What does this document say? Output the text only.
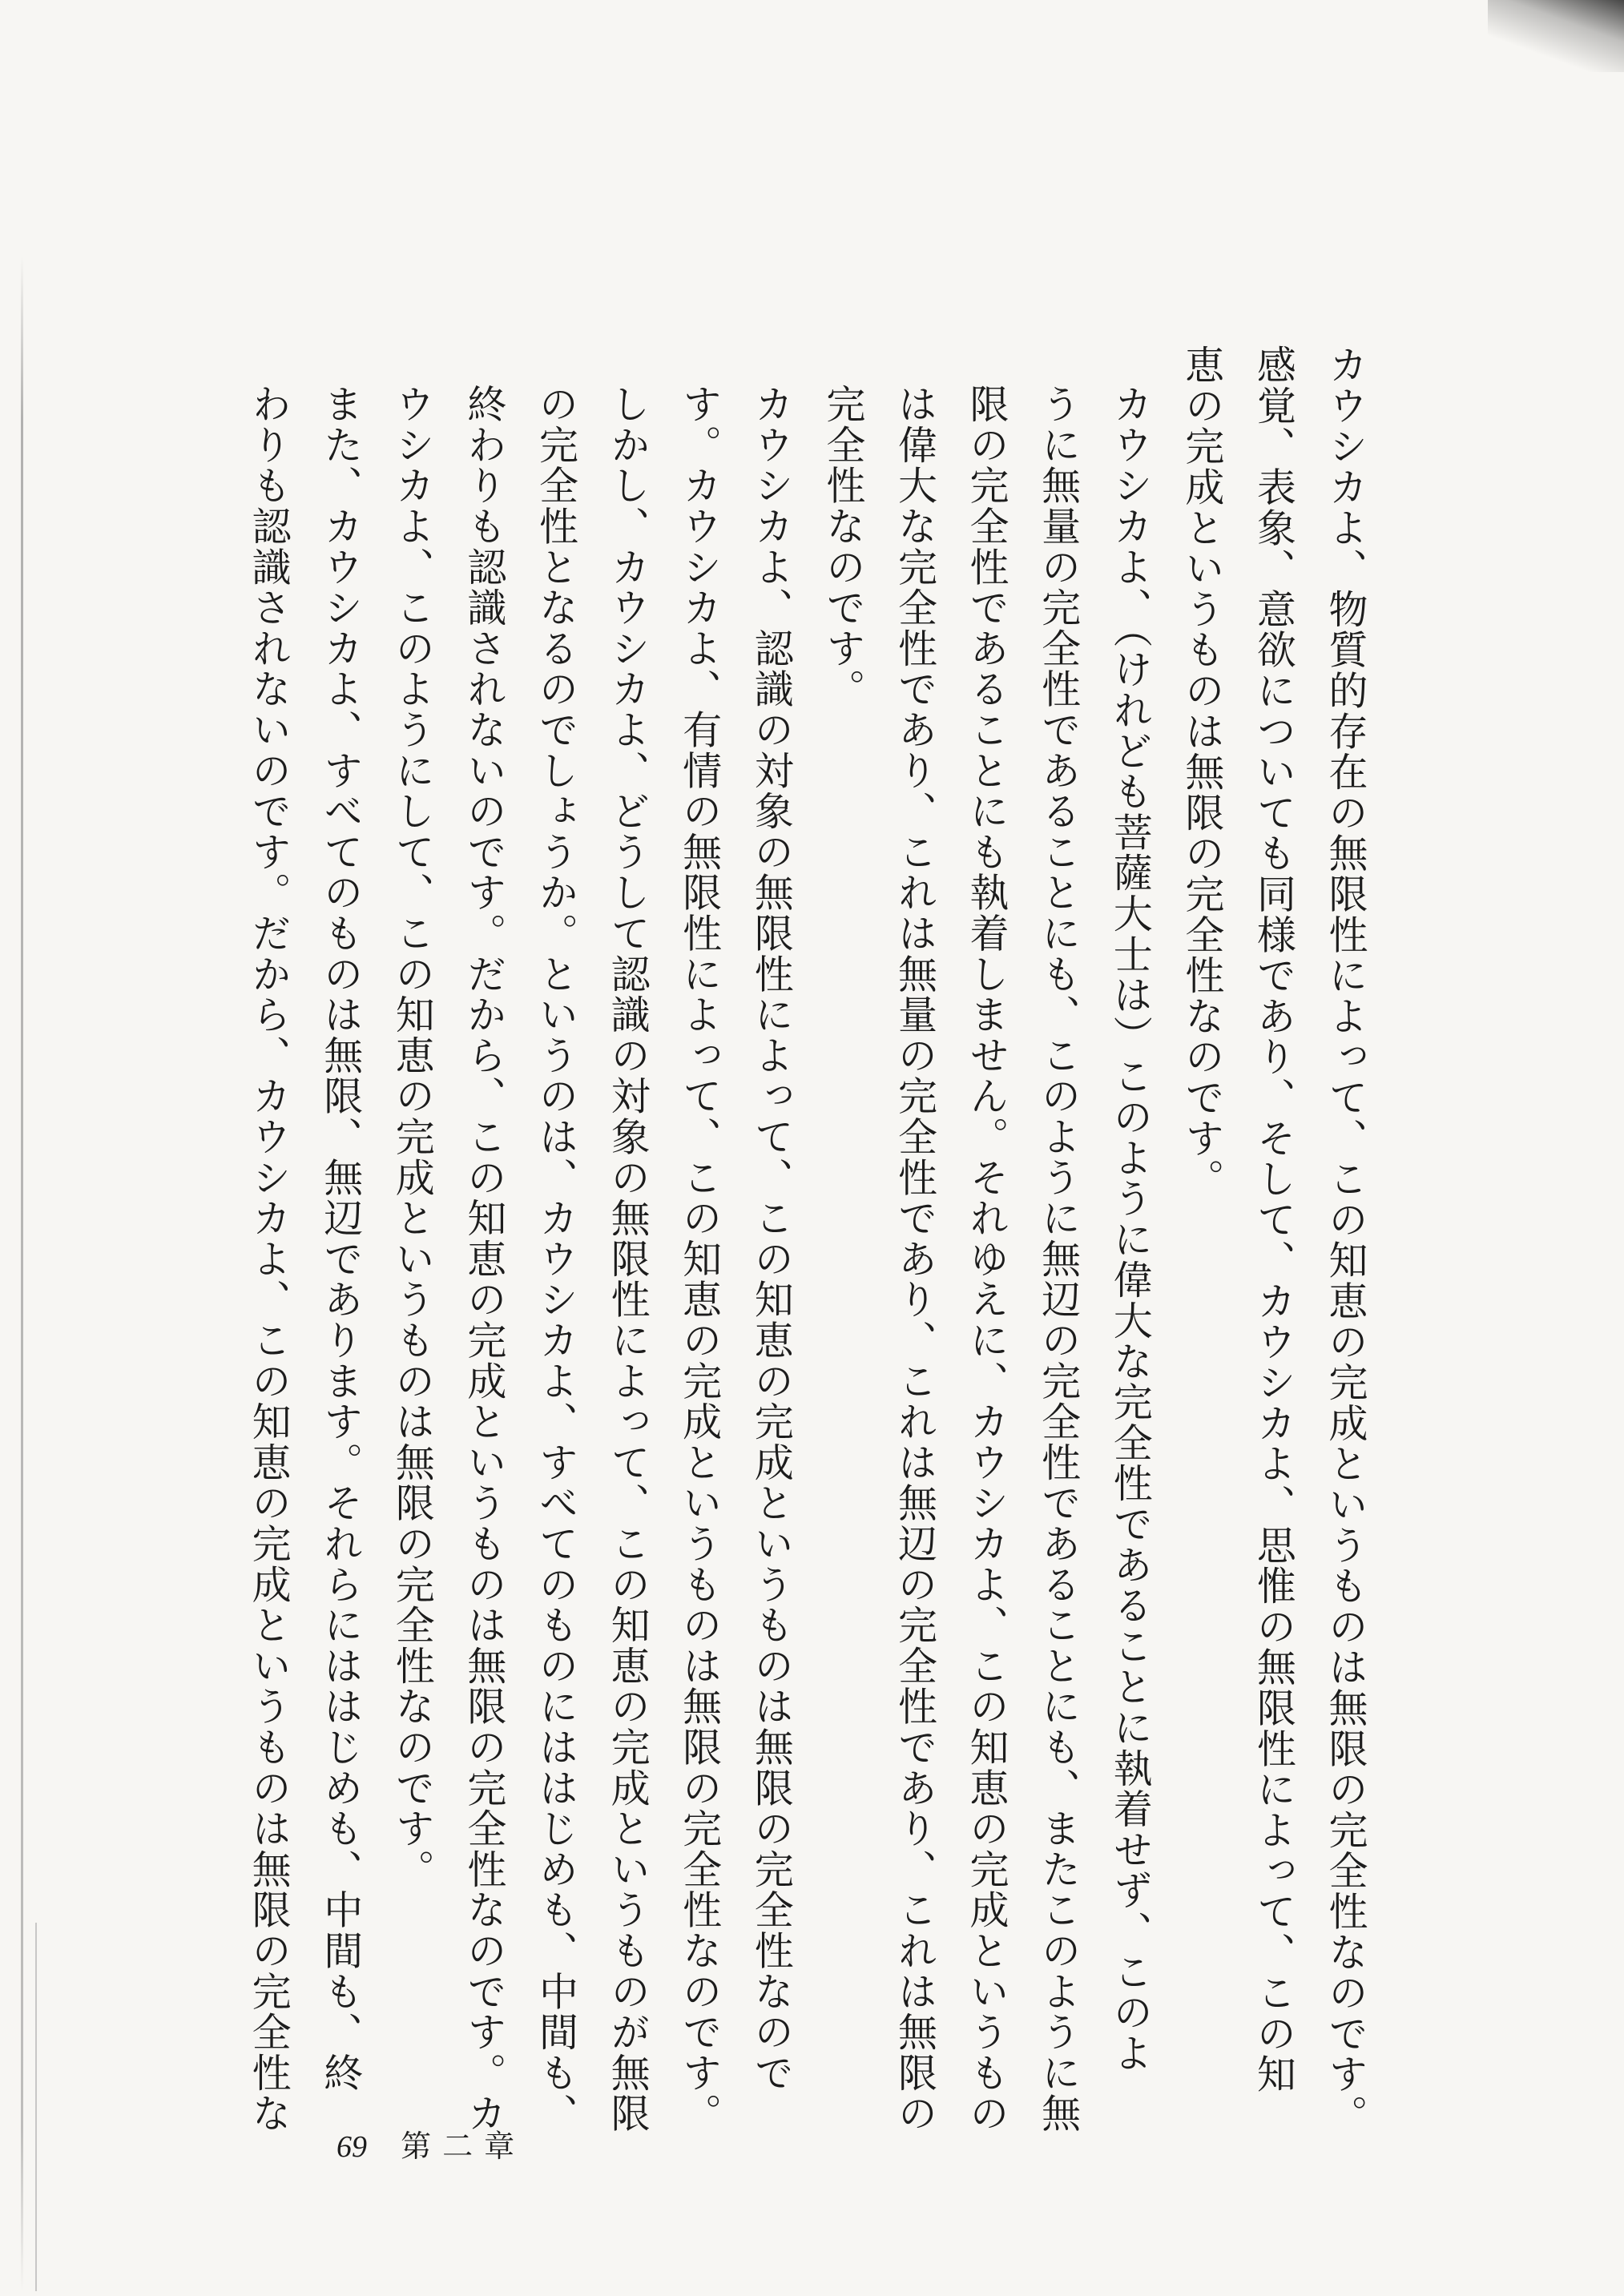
カウシカよ、物質的存在の無限性によって、この知恵の完成というものは無限の完全性なのです。
感覚、表象、意欲についても同様であり、そして、カウシカよ、思惟の無限性によって、この知
恵の完成というものは無限の完全性なのです。

カウシカよ、（けれども菩薩大士は）このように偉大な完全性であることに執着せず、このよ
うに無量の完全性であることにも、このように無辺の完全性であることにも、またこのように無
限の完全性であることにも執着しません。それゆえに、カウシカよ、この知恵の完成というもの
は偉大な完全性であり、これは無量の完全性であり、これは無辺の完全性であり、これは無限の
完全性なのです。

カウシカよ、認識の対象の無限性によって、この知恵の完成というものは無限の完全性なので
す。カウシカよ、有情の無限性によって、この知恵の完成というものは無限の完全性なのです。
しかし、カウシカよ、どうして認識の対象の無限性によって、この知恵の完成というものが無限
の完全性となるのでしょうか。というのは、カウシカよ、すべてのものにははじめも、中間も、
終わりも認識されないのです。だから、この知恵の完成というものは無限の完全性なのです。カ
ウシカよ、このようにして、この知恵の完成というものは無限の完全性なのです。

また、カウシカよ、すべてのものは無限、無辺であります。それらにははじめも、中間も、終
わりも認識されないのです。だから、カウシカよ、この知恵の完成というものは無限の完全性な

69 第二章
